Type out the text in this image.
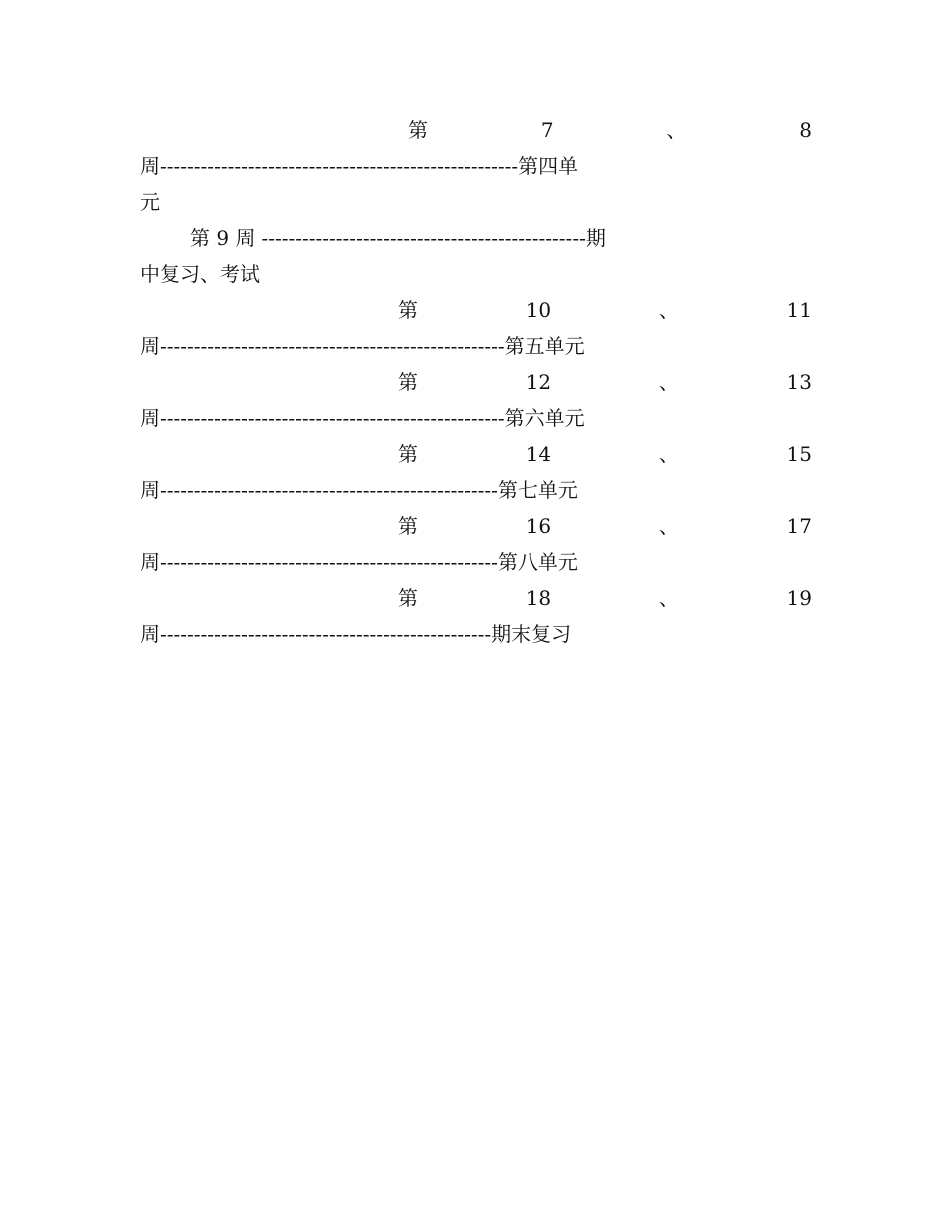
第	7	、	8
周 ----------------------------------------------------- 第四单
元
第 9 周 ------------------------------------------------ 期
中复习、考试
第	10	、	11
周 --------------------------------------------------- 第五单元
第	12	、	13
周 --------------------------------------------------- 第六单元
第	14	、	15
周 -------------------------------------------------- 第七单元
第	16	、	17
周 -------------------------------------------------- 第八单元
第	18	、	19
周 ------------------------------------------------- 期末复习
